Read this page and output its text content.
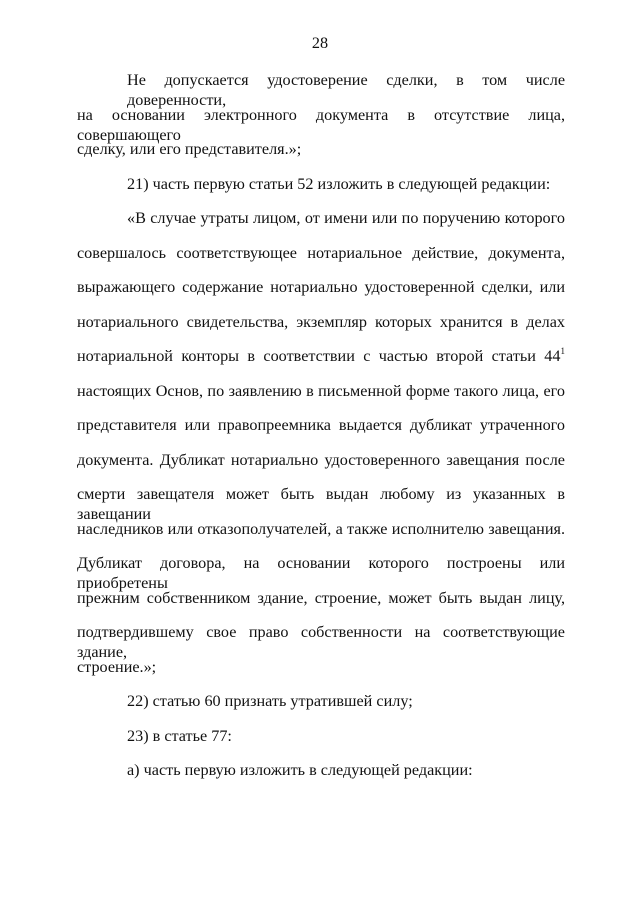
28
Не допускается удостоверение сделки, в том числе доверенности,
на основании электронного документа в отсутствие лица, совершающего
сделку, или его представителя.»;
21) часть первую статьи 52 изложить в следующей редакции:
«В случае утраты лицом, от имени или по поручению которого
совершалось соответствующее нотариальное действие, документа,
выражающего содержание нотариально удостоверенной сделки, или
нотариального свидетельства, экземпляр которых хранится в делах
нотариальной конторы в соответствии с частью второй статьи $44^1$
настоящих Основ, по заявлению в письменной форме такого лица, его
представителя или правопреемника выдается дубликат утраченного
документа. Дубликат нотариально удостоверенного завещания после
смерти завещателя может быть выдан любому из указанных в завещании
наследников или отказополучателей, а также исполнителю завещания.
Дубликат договора, на основании которого построены или приобретены
прежним собственником здание, строение, может быть выдан лицу,
подтвердившему свое право собственности на соответствующие здание,
строение.»;
22) статью 60 признать утратившей силу;
23) в статье 77:
а) часть первую изложить в следующей редакции:
